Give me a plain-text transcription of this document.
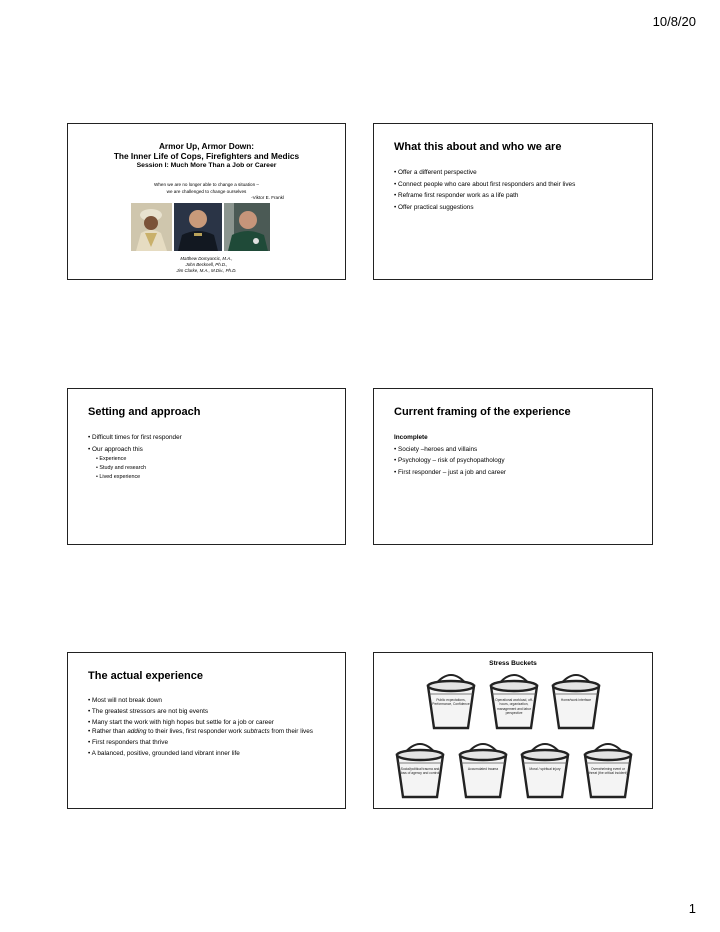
10/8/20
Armor Up, Armor Down:
The Inner Life of Cops, Firefighters and Medics
Session I: Much More Than a Job or Career
When we are no longer able to change a situation –
we are challenged to change ourselves
-Viktor E. Frankl
Matthew Domyancic, M.A.,
John Becknell, Ph.D.,
Jim Clarke, M.A., M.Div., Ph.D.
What this about and who we are
• Offer a different perspective
• Connect people who care about first responders and their lives
• Reframe first responder work as a life path
• Offer practical suggestions
Setting and approach
• Difficult times for first responder
• Our approach this
• Experience
• Study and research
• Lived experience
Current framing of the experience
Incomplete
• Society –heroes and villains
• Psychology – risk of psychopathology
• First responder – just a job and career
The actual experience
• Most will not break down
• The greatest stressors are not big events
• Many start the work with high hopes but settle for a job or career
• Rather than adding to their lives, first responder work subtracts from their lives
• First responders that thrive
• A balanced, positive, grounded land vibrant inner life
Stress Buckets
Public expectations, Performance, Confidence
Operational workload, off-hours, organization, management and labor perspective
Home/work interface
Social/political trauma and loss of agency and control
Accumulated trauma	Moral / spiritual injury	Overwhelming event or threat (the critical incident)
1
